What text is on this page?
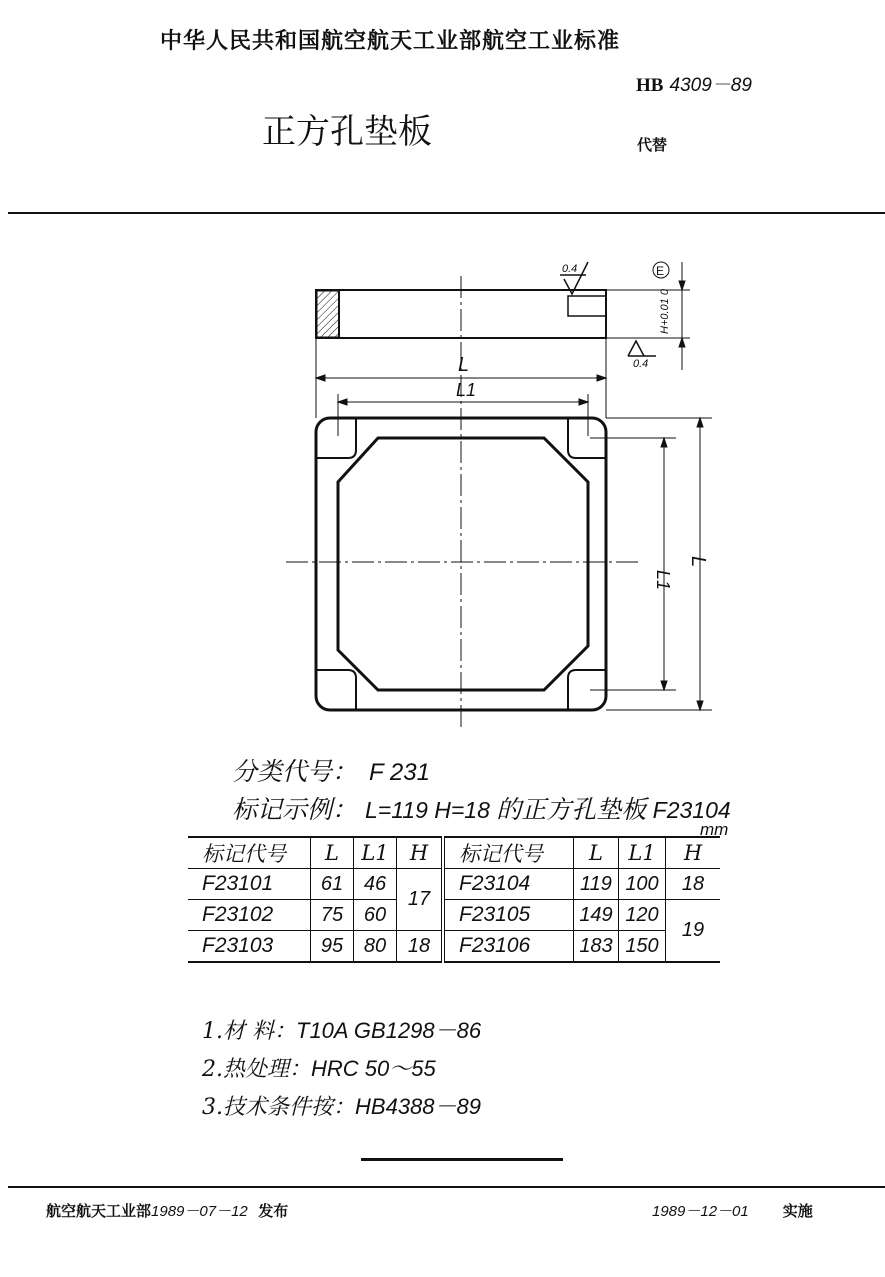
中华人民共和国航空航天工业部航空工业标准
HB 4309－89
正方孔垫板	代替
E
H+0.01 0
0.4
0.4
L
L1
L1
L
分类代号： F 231
标记示例： L=119 H=18 的正方孔垫板 F23104
mm
标记代号	L	L1	H	标记代号	L	L1	H
F23101	61	46	17	F23104	119	100	18
F23102	75	60		F23105	149	120	19
F23103	95	80	18	F23106	183	150	
1.材 料：T10A GB1298－86
2.热处理：HRC 50～55
3.技术条件按：HB4388－89
航空航天工业部1989－07－12 发布	1989－12－01 实施
